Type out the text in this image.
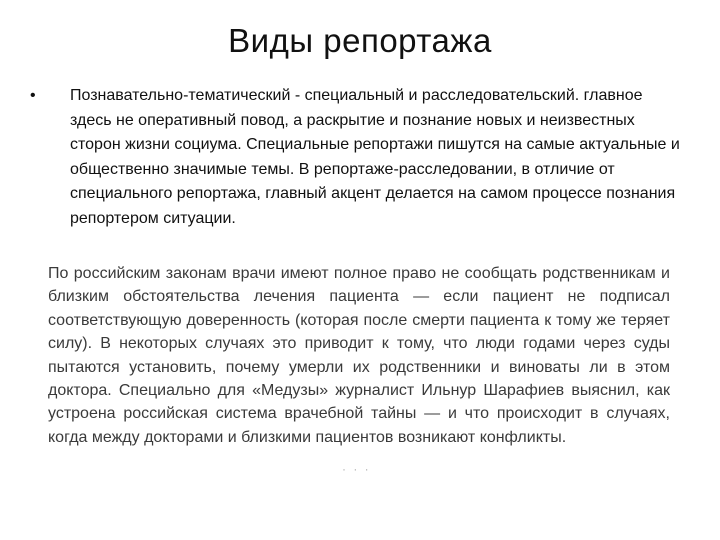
Виды репортажа
•	Познавательно-тематический - специальный и расследовательский. главное здесь не оперативный повод, а раскрытие и познание новых и неизвестных сторон жизни социума. Специальные репортажи пишутся на самые актуальные и общественно значимые темы. В репортаже-расследовании, в отличие от специального репортажа, главный акцент делается на самом процессе познания репортером ситуации.

По российским законам врачи имеют полное право не сообщать родственникам и близким обстоятельства лечения пациента — если пациент не подписал соответствующую доверенность (которая после смерти пациента к тому же теряет силу). В некоторых случаях это приводит к тому, что люди годами через суды пытаются установить, почему умерли их родственники и виноваты ли в этом доктора. Специально для «Медузы» журналист Ильнур Шарафиев выяснил, как устроена российская система врачебной тайны — и что происходит в случаях, когда между докторами и близкими пациентов возникают конфликты.

· · ·
